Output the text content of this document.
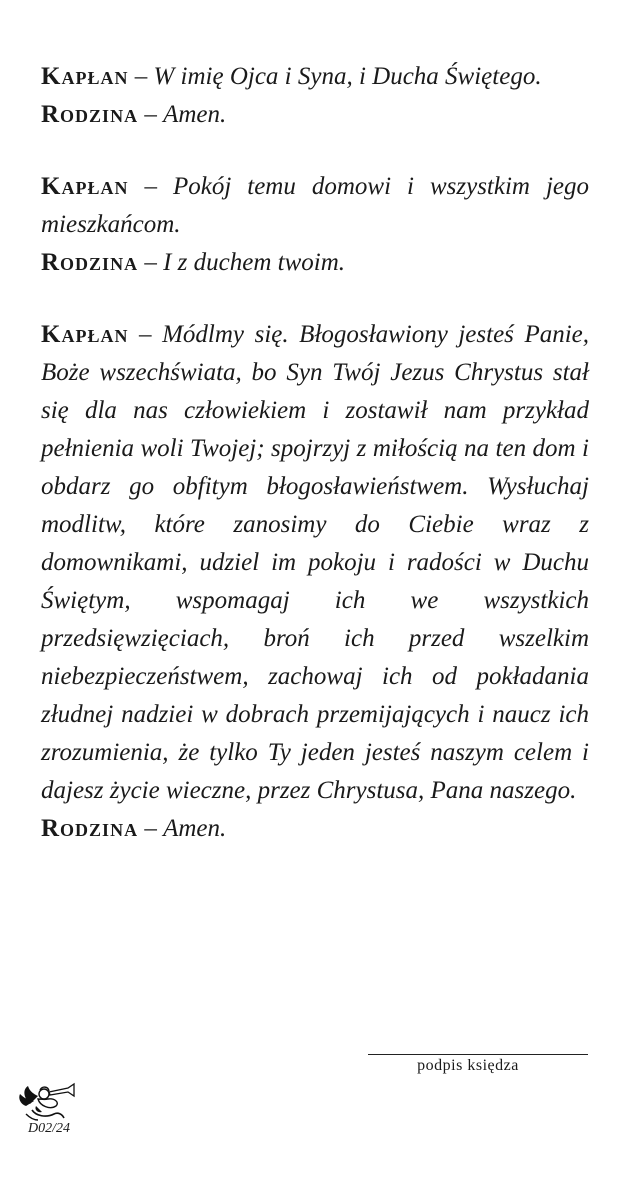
Kapłan – W imię Ojca i Syna, i Ducha Świętego.

Rodzina – Amen.

Kapłan – Pokój temu domowi i wszystkim jego mieszkańcom.

Rodzina – I z duchem twoim.

Kapłan – Módlmy się. Błogosławiony jesteś Panie, Boże wszechświata, bo Syn Twój Jezus Chrystus stał się dla nas człowiekiem i zostawił nam przykład pełnienia woli Twojej; spojrzyj z miłością na ten dom i obdarz go obfitym błogosławieństwem. Wysłuchaj modlitw, które zanosimy do Ciebie wraz z domownikami, udziel im pokoju i radości w Duchu Świętym, wspomagaj ich we wszystkich przedsięwzięciach, broń ich przed wszelkim niebezpieczeństwem, zachowaj ich od pokładania złudnej nadziei w dobrach przemijających i naucz ich zrozumienia, że tylko Ty jeden jesteś naszym celem i dajesz życie wieczne, przez Chrystusa, Pana naszego.

Rodzina – Amen.

podpis księdza
D02/24
